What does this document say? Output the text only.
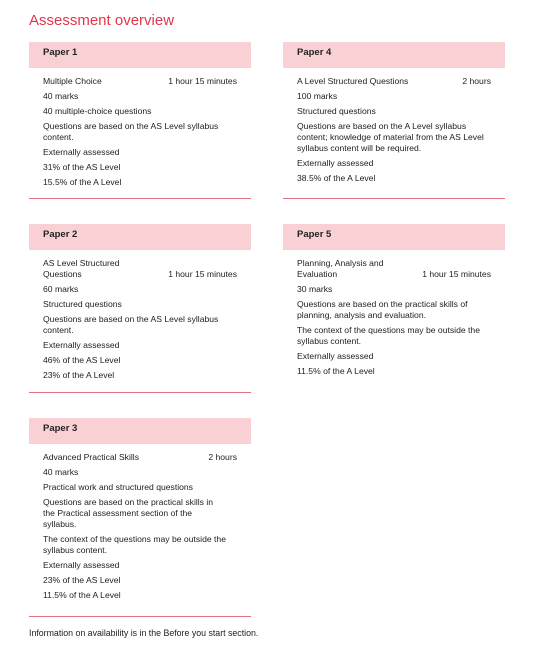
Assessment overview
Paper 1
Multiple Choice	1 hour 15 minutes
40 marks
40 multiple-choice questions
Questions are based on the AS Level syllabus content.
Externally assessed
31% of the AS Level
15.5% of the A Level
Paper 4
A Level Structured Questions	2 hours
100 marks
Structured questions
Questions are based on the A Level syllabus content; knowledge of material from the AS Level syllabus content will be required.
Externally assessed
38.5% of the A Level
Paper 2
AS Level Structured Questions	1 hour 15 minutes
60 marks
Structured questions
Questions are based on the AS Level syllabus content.
Externally assessed
46% of the AS Level
23% of the A Level
Paper 5
Planning, Analysis and Evaluation	1 hour 15 minutes
30 marks
Questions are based on the practical skills of planning, analysis and evaluation.
The context of the questions may be outside the syllabus content.
Externally assessed
11.5% of the A Level
Paper 3
Advanced Practical Skills	2 hours
40 marks
Practical work and structured questions
Questions are based on the practical skills in the Practical assessment section of the syllabus.
The context of the questions may be outside the syllabus content.
Externally assessed
23% of the AS Level
11.5% of the A Level
Information on availability is in the Before you start section.
